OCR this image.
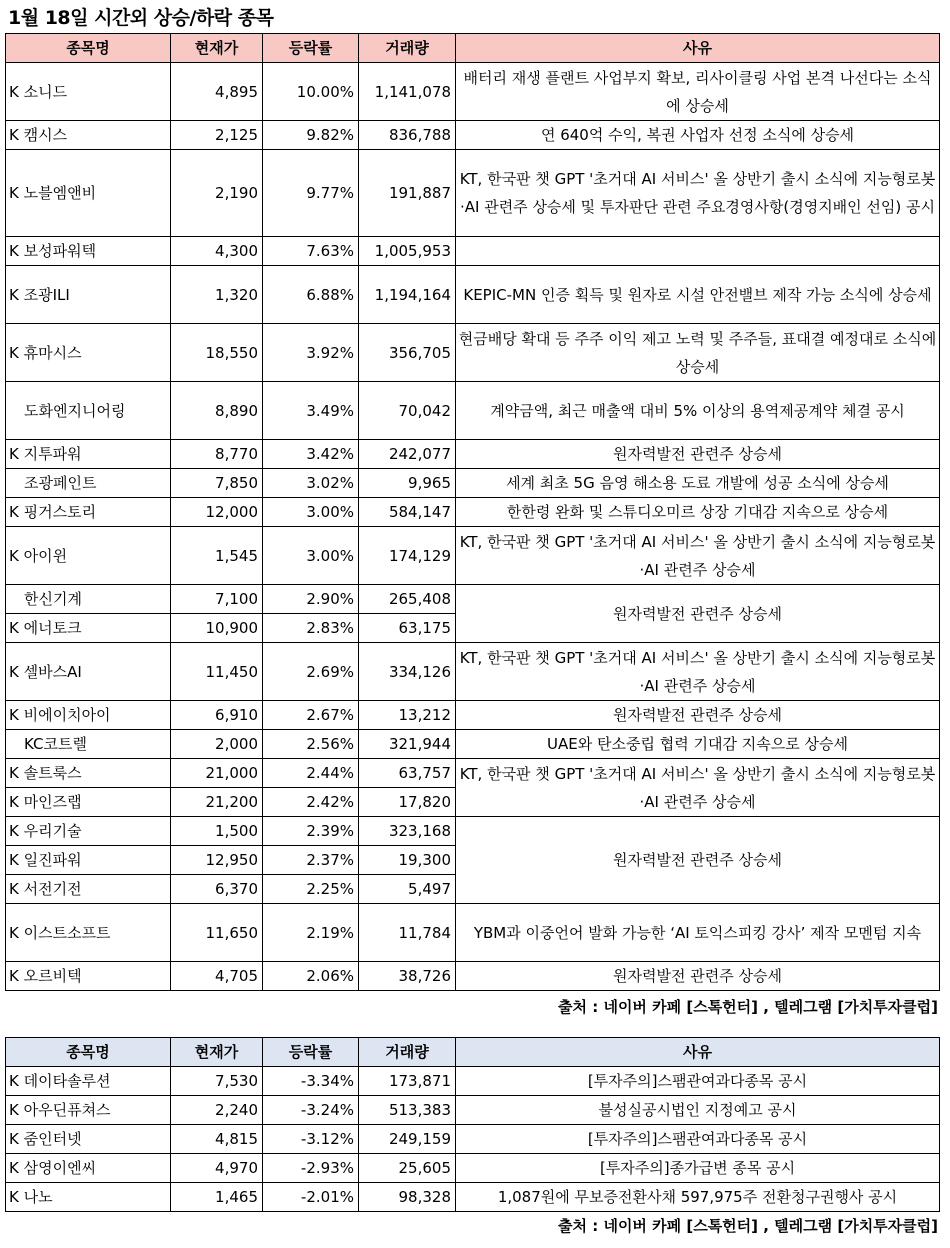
1월 18일 시간외 상승/하락 종목
종목명	현재가	등락률	거래량	사유
K 소니드	4,895	10.00%	1,141,078	배터리 재생 플랜트 사업부지 확보, 리사이클링 사업 본격 나선다는 소식에 상승세
K 캠시스	2,125	9.82%	836,788	연 640억 수익, 복권 사업자 선정 소식에 상승세
K 노블엠앤비	2,190	9.77%	191,887	KT, 한국판 챗 GPT '초거대 AI 서비스' 올 상반기 출시 소식에 지능형로봇·AI 관련주 상승세 및 투자판단 관련 주요경영사항(경영지배인 선임) 공시
K 보성파워텍	4,300	7.63%	1,005,953	
K 조광ILI	1,320	6.88%	1,194,164	KEPIC-MN 인증 획득 및 원자로 시설 안전밸브 제작 가능 소식에 상승세
K 휴마시스	18,550	3.92%	356,705	현금배당 확대 등 주주 이익 제고 노력 및 주주들, 표대결 예정대로 소식에 상승세
　도화엔지니어링	8,890	3.49%	70,042	계약금액, 최근 매출액 대비 5% 이상의 용역제공계약 체결 공시
K 지투파워	8,770	3.42%	242,077	원자력발전 관련주 상승세
　조광페인트	7,850	3.02%	9,965	세계 최초 5G 음영 해소용 도료 개발에 성공 소식에 상승세
K 핑거스토리	12,000	3.00%	584,147	한한령 완화 및 스튜디오미르 상장 기대감 지속으로 상승세
K 아이윈	1,545	3.00%	174,129	KT, 한국판 챗 GPT '초거대 AI 서비스' 올 상반기 출시 소식에 지능형로봇·AI 관련주 상승세
　한신기계	7,100	2.90%	265,408	원자력발전 관련주 상승세
K 에너토크	10,900	2.83%	63,175	
K 셀바스AI	11,450	2.69%	334,126	KT, 한국판 챗 GPT '초거대 AI 서비스' 올 상반기 출시 소식에 지능형로봇·AI 관련주 상승세
K 비에이치아이	6,910	2.67%	13,212	원자력발전 관련주 상승세
　KC코트렐	2,000	2.56%	321,944	UAE와 탄소중립 협력 기대감 지속으로 상승세
K 솔트룩스	21,000	2.44%	63,757	KT, 한국판 챗 GPT '초거대 AI 서비스' 올 상반기 출시 소식에 지능형로봇·AI 관련주 상승세
K 마인즈랩	21,200	2.42%	17,820	
K 우리기술	1,500	2.39%	323,168	원자력발전 관련주 상승세
K 일진파워	12,950	2.37%	19,300	
K 서전기전	6,370	2.25%	5,497	
K 이스트소프트	11,650	2.19%	11,784	YBM과 이중언어 발화 가능한 ‘AI 토익스피킹 강사’ 제작 모멘텀 지속
K 오르비텍	4,705	2.06%	38,726	원자력발전 관련주 상승세
출처 : 네이버 카페 [스톡헌터] , 텔레그램 [가치투자클럽]
종목명	현재가	등락률	거래량	사유
K 데이타솔루션	7,530	-3.34%	173,871	[투자주의]스팸관여과다종목 공시
K 아우딘퓨쳐스	2,240	-3.24%	513,383	불성실공시법인 지정예고 공시
K 줌인터넷	4,815	-3.12%	249,159	[투자주의]스팸관여과다종목 공시
K 삼영이엔씨	4,970	-2.93%	25,605	[투자주의]종가급변 종목 공시
K 나노	1,465	-2.01%	98,328	1,087원에 무보증전환사채 597,975주 전환청구권행사 공시
출처 : 네이버 카페 [스톡헌터] , 텔레그램 [가치투자클럽]
